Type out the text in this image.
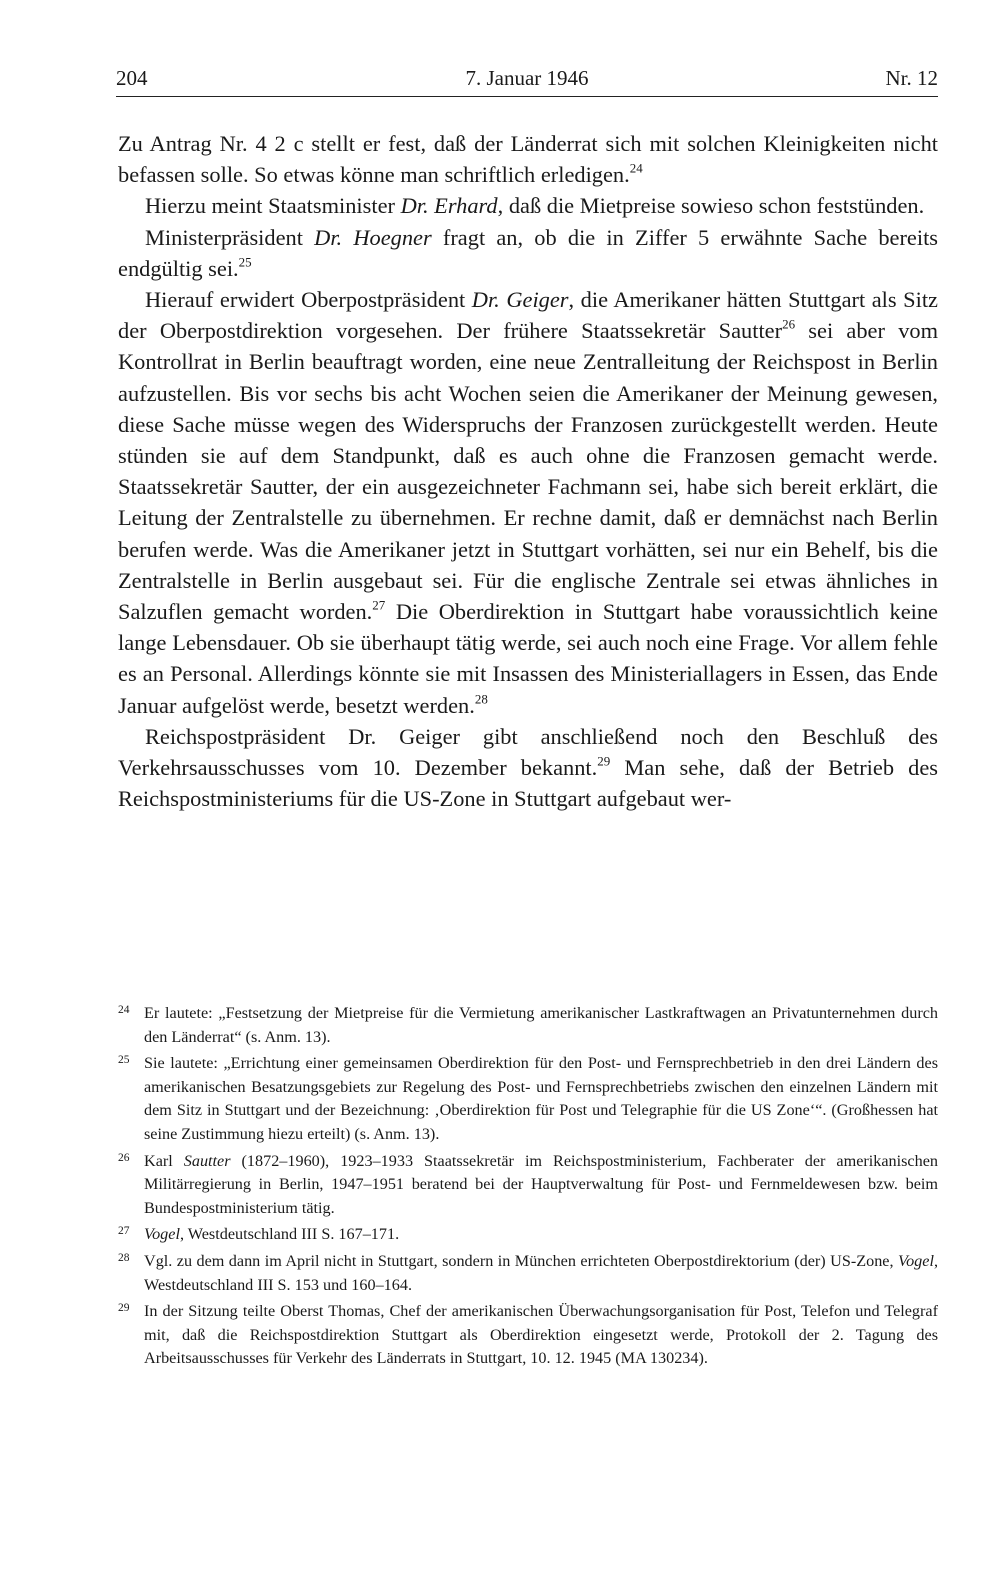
204	7. Januar 1946	Nr. 12

Zu Antrag Nr. 4 2 c stellt er fest, daß der Länderrat sich mit solchen Kleinigkeiten nicht befassen solle. So etwas könne man schriftlich erledigen.$^{24}$

Hierzu meint Staatsminister Dr. Erhard, daß die Mietpreise sowieso schon feststünden.

Ministerpräsident Dr. Hoegner fragt an, ob die in Ziffer 5 erwähnte Sache bereits endgültig sei.$^{25}$

Hierauf erwidert Oberpostpräsident Dr. Geiger, die Amerikaner hätten Stuttgart als Sitz der Oberpostdirektion vorgesehen. Der frühere Staatssekretär Sautter$^{26}$ sei aber vom Kontrollrat in Berlin beauftragt worden, eine neue Zentralleitung der Reichspost in Berlin aufzustellen. Bis vor sechs bis acht Wochen seien die Amerikaner der Meinung gewesen, diese Sache müsse wegen des Widerspruchs der Franzosen zurückgestellt werden. Heute stünden sie auf dem Standpunkt, daß es auch ohne die Franzosen gemacht werde. Staatssekretär Sautter, der ein ausgezeichneter Fachmann sei, habe sich bereit erklärt, die Leitung der Zentralstelle zu übernehmen. Er rechne damit, daß er demnächst nach Berlin berufen werde. Was die Amerikaner jetzt in Stuttgart vorhätten, sei nur ein Behelf, bis die Zentralstelle in Berlin ausgebaut sei. Für die englische Zentrale sei etwas ähnliches in Salzuflen gemacht worden.$^{27}$ Die Oberdirektion in Stuttgart habe voraussichtlich keine lange Lebensdauer. Ob sie überhaupt tätig werde, sei auch noch eine Frage. Vor allem fehle es an Personal. Allerdings könnte sie mit Insassen des Ministeriallagers in Essen, das Ende Januar aufgelöst werde, besetzt werden.$^{28}$

Reichspostpräsident Dr. Geiger gibt anschließend noch den Beschluß des Verkehrsausschusses vom 10. Dezember bekannt.$^{29}$ Man sehe, daß der Betrieb des Reichspostministeriums für die US-Zone in Stuttgart aufgebaut wer-

24 Er lautete: „Festsetzung der Mietpreise für die Vermietung amerikanischer Lastkraftwagen an Privatunternehmen durch den Länderrat“ (s. Anm. 13).
25 Sie lautete: „Errichtung einer gemeinsamen Oberdirektion für den Post- und Fernsprechbetrieb in den drei Ländern des amerikanischen Besatzungsgebiets zur Regelung des Post- und Fernsprechbetriebs zwischen den einzelnen Ländern mit dem Sitz in Stuttgart und der Bezeichnung: ‚Oberdirektion für Post und Telegraphie für die US Zone‘“. (Großhessen hat seine Zustimmung hiezu erteilt) (s. Anm. 13).
26 Karl Sautter (1872–1960), 1923–1933 Staatssekretär im Reichspostministerium, Fachberater der amerikanischen Militärregierung in Berlin, 1947–1951 beratend bei der Hauptverwaltung für Post- und Fernmeldewesen bzw. beim Bundespostministerium tätig.
27 Vogel, Westdeutschland III S. 167–171.
28 Vgl. zu dem dann im April nicht in Stuttgart, sondern in München errichteten Oberpostdirektorium (der) US-Zone, Vogel, Westdeutschland III S. 153 und 160–164.
29 In der Sitzung teilte Oberst Thomas, Chef der amerikanischen Überwachungsorganisation für Post, Telefon und Telegraf mit, daß die Reichspostdirektion Stuttgart als Oberdirektion eingesetzt werde, Protokoll der 2. Tagung des Arbeitsausschusses für Verkehr des Länderrats in Stuttgart, 10. 12. 1945 (MA 130234).
